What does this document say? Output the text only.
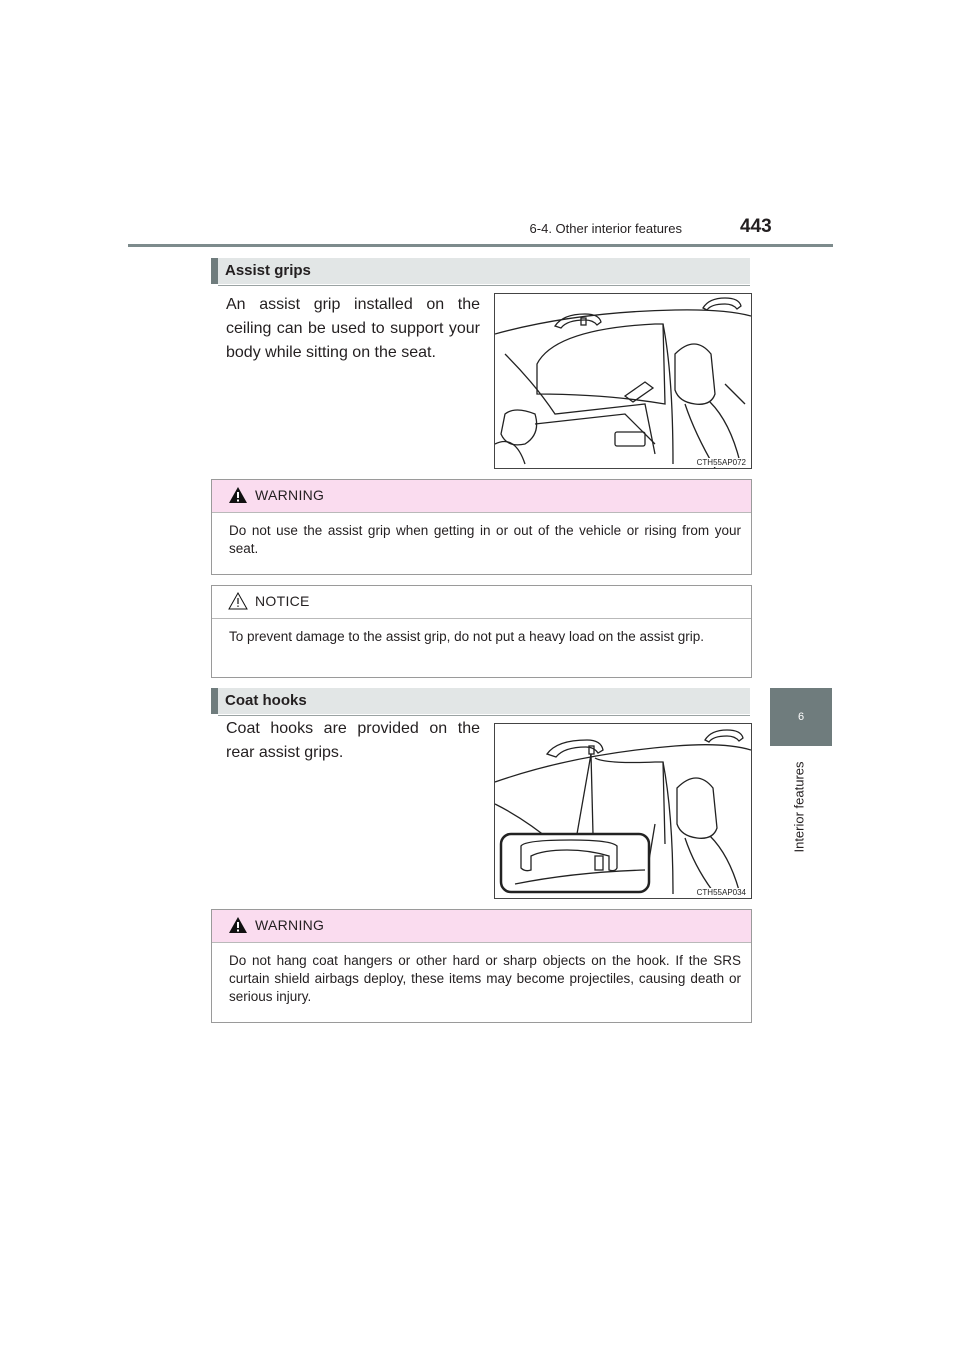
6-4. Other interior features	443
6
Interior features
Assist grips
An assist grip installed on the ceiling can be used to support your body while sitting on the seat.
CTH55AP072
WARNING
Do not use the assist grip when getting in or out of the vehicle or rising from your seat.
NOTICE
To prevent damage to the assist grip, do not put a heavy load on the assist grip.
Coat hooks
Coat hooks are provided on the rear assist grips.
CTH55AP034
WARNING
Do not hang coat hangers or other hard or sharp objects on the hook. If the SRS curtain shield airbags deploy, these items may become projectiles, causing death or serious injury.
